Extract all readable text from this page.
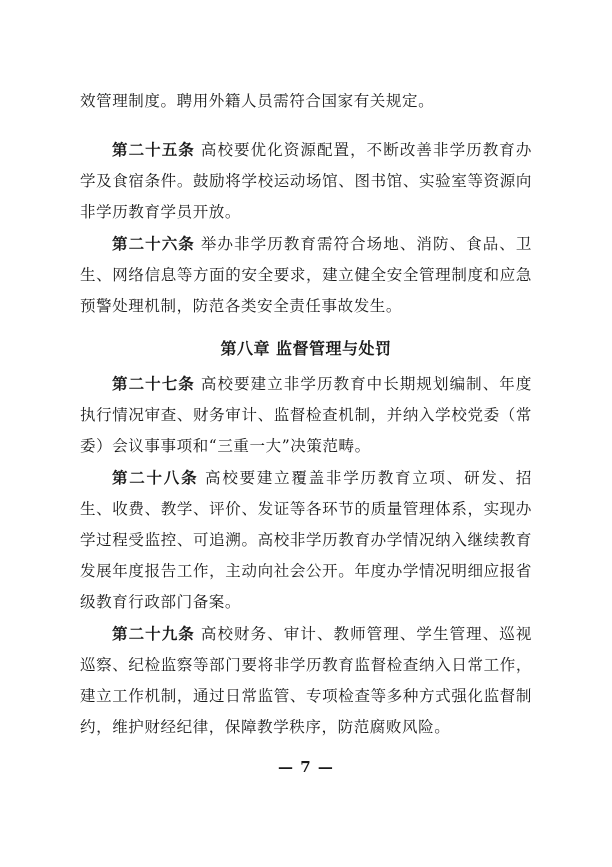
效管理制度。聘用外籍人员需符合国家有关规定。

第二十五条 高校要优化资源配置，不断改善非学历教育办学及食宿条件。鼓励将学校运动场馆、图书馆、实验室等资源向非学历教育学员开放。

第二十六条 举办非学历教育需符合场地、消防、食品、卫生、网络信息等方面的安全要求，建立健全安全管理制度和应急预警处理机制，防范各类安全责任事故发生。

第八章 监督管理与处罚

第二十七条 高校要建立非学历教育中长期规划编制、年度执行情况审查、财务审计、监督检查机制，并纳入学校党委（常委）会议事事项和“三重一大”决策范畴。

第二十八条 高校要建立覆盖非学历教育立项、研发、招生、收费、教学、评价、发证等各环节的质量管理体系，实现办学过程受监控、可追溯。高校非学历教育办学情况纳入继续教育发展年度报告工作，主动向社会公开。年度办学情况明细应报省级教育行政部门备案。

第二十九条 高校财务、审计、教师管理、学生管理、巡视巡察、纪检监察等部门要将非学历教育监督检查纳入日常工作，建立工作机制，通过日常监管、专项检查等多种方式强化监督制约，维护财经纪律，保障教学秩序，防范腐败风险。

— 7 —
